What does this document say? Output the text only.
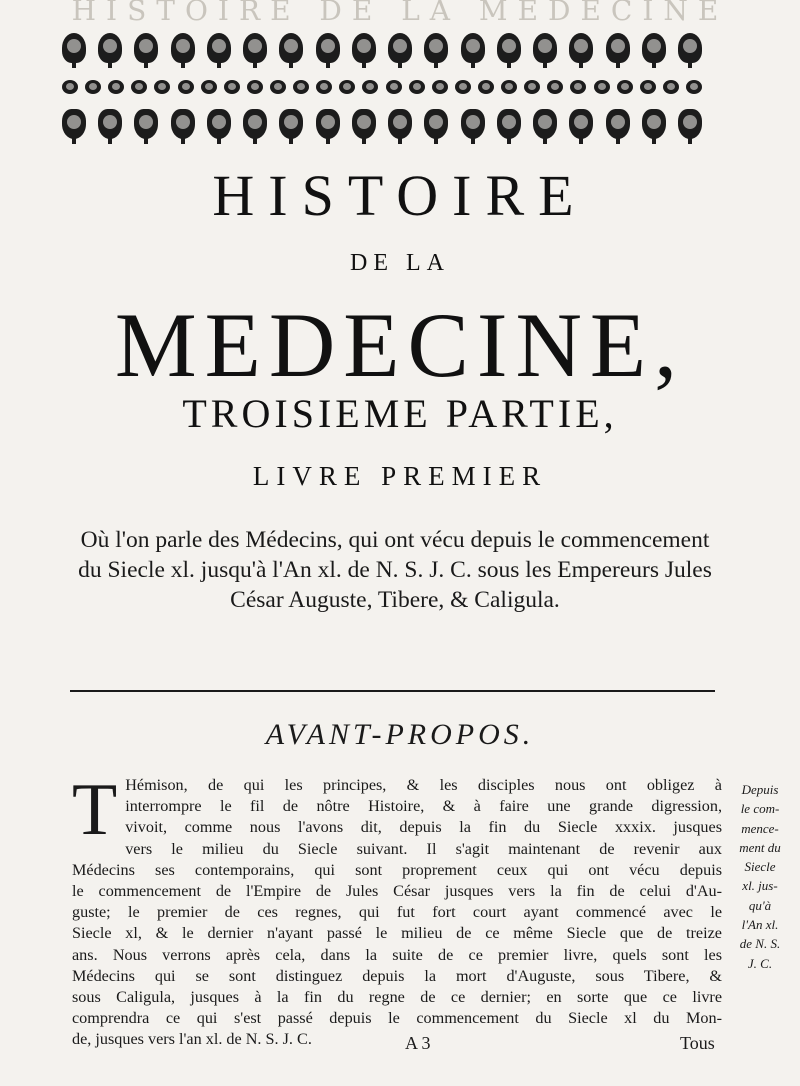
HISTOIRE DE LA MEDECINE
HISTOIRE
DE LA
MEDECINE,
TROISIEME PARTIE,
LIVRE PREMIER

Où l'on parle des Médecins, qui ont vécu depuis le commencement du Siecle xl. jusqu'à l'An xl. de N. S. J. C. sous les Empereurs Jules César Auguste, Tibere, & Caligula.

AVANT-PROPOS.
T Hémison, de qui les principes, & les disciples nous ont obligez à
interrompre le fil de nôtre Histoire, & à faire une grande digression,
vivoit, comme nous l'avons dit, depuis la fin du Siecle xxxix. jusques
vers le milieu du Siecle suivant. Il s'agit maintenant de revenir aux
Médecins ses contemporains, qui sont proprement ceux qui ont vécu depuis
le commencement de l'Empire de Jules César jusques vers la fin de celui d'Au-
guste; le premier de ces regnes, qui fut fort court ayant commencé avec le
Siecle xl, & le dernier n'ayant passé le milieu de ce même Siecle que de treize
ans. Nous verrons après cela, dans la suite de ce premier livre, quels sont les
Médecins qui se sont distinguez depuis la mort d'Auguste, sous Tibere, &
sous Caligula, jusques à la fin du regne de ce dernier; en sorte que ce livre
comprendra ce qui s'est passé depuis le commencement du Siecle xl du Mon-
de, jusques vers l'an xl. de N. S. J. C.
Depuis
le com-
mence-
ment du
Siecle
xl. jus-
qu'à
l'An xl.
de N. S.
J. C.
A 3	Tous
